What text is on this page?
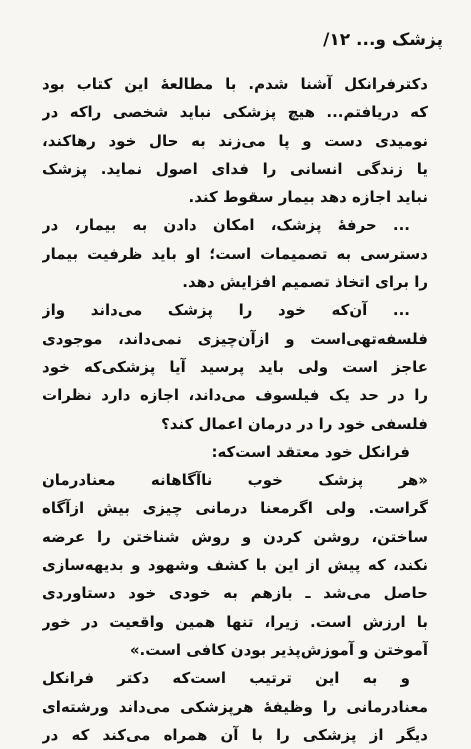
پزشک و... ۱۲/
دکترفرانکل آشنا شدم. با مطالعهٔ این کتاب بود
که دریافتم... هیچ پزشکی نباید شخصی راکه در
نومیدی دست و پا می‌زند به حال خود رهاکند،
یا زندگی انسانی را فدای اصول نماید. پزشک
نباید اجازه دهد بیمار سقوط کند.
... حرفهٔ پزشک، امکان دادن به بیمار، در
دسترسی به تصمیمات است؛ او باید ظرفیت بیمار
را برای اتخاذ تصمیم افزایش دهد.
... آن‌که خود را پزشک می‌داند واز
فلسفه‌تهی‌است و ازآن‌چیزی نمی‌داند، موجودی
عاجز است ولی باید پرسید آیا پزشکی‌که خود
را در حد یک فیلسوف می‌داند، اجازه دارد نظرات
فلسفی خود را در درمان اعمال کند؟
فرانکل خود معتقد است‌که:
«هر پزشک خوب ناآگاهانه معنادرمان
گراست. ولی اگرمعنا درمانی چیزی بیش ازآگاه
ساختن، روشن کردن و روش شناختن را عرضه
نکند، که پیش از این با کشف وشهود و بدیهه‌سازی
حاصل می‌شد ـ بازهم به خودی خود دستاوردی
با ارزش است. زیرا، تنها همین واقعیت در خور
آموختن و آموزش‌پذیر بودن کافی است.»
و به این ترتیب است‌که دکتر فرانکل
معنادرمانی را وظیفهٔ هرپزشکی می‌داند ورشته‌ای
دیگر از پزشکی را با آن همراه می‌کند که در
